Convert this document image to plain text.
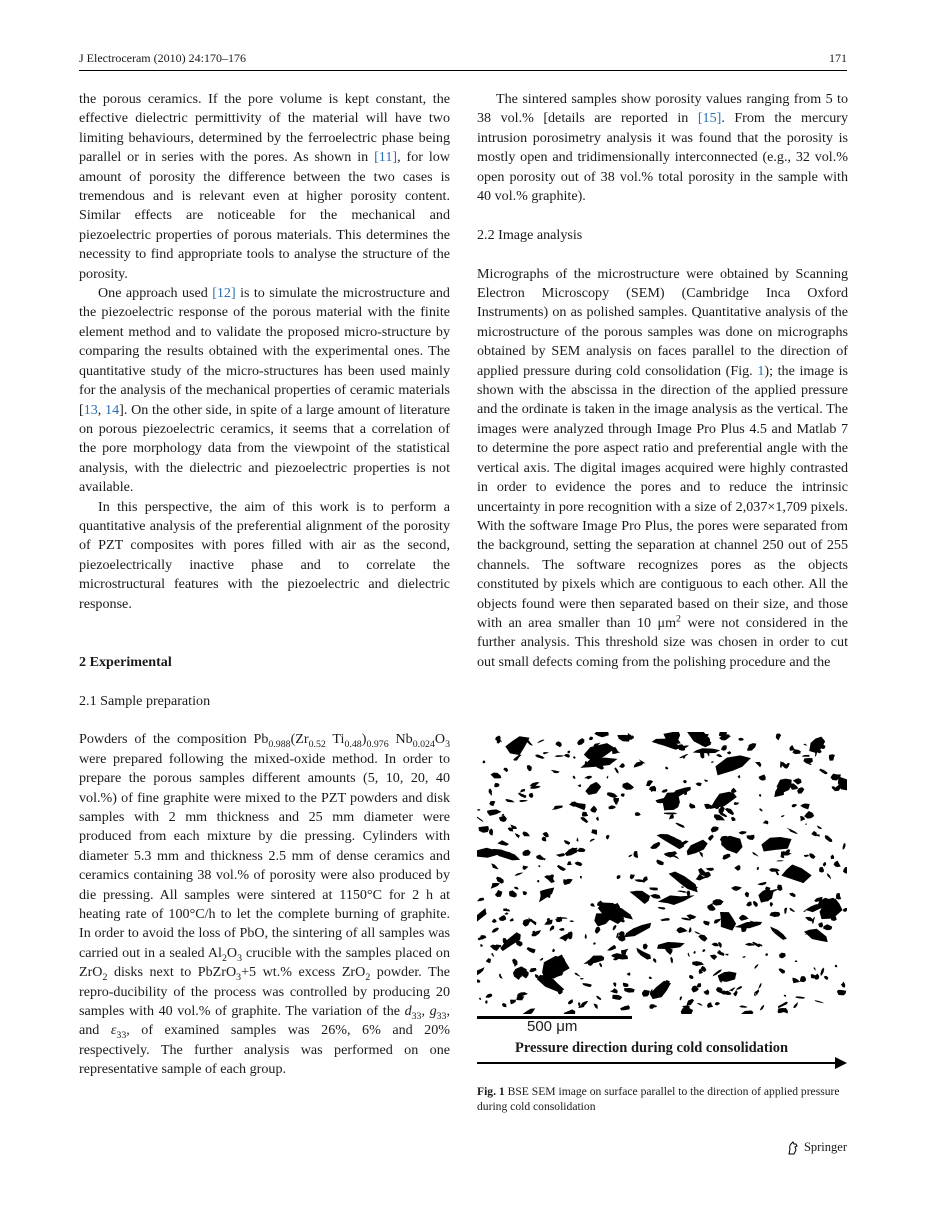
J Electroceram (2010) 24:170–176	171

the porous ceramics. If the pore volume is kept constant, the effective dielectric permittivity of the material will have two limiting behaviours, determined by the ferroelectric phase being parallel or in series with the pores. As shown in [11], for low amount of porosity the difference between the two cases is tremendous and is relevant even at higher porosity content. Similar effects are noticeable for the mechanical and piezoelectric properties of porous materials. This determines the necessity to find appropriate tools to analyse the structure of the porosity.

One approach used [12] is to simulate the microstructure and the piezoelectric response of the porous material with the finite element method and to validate the proposed micro-structure by comparing the results obtained with the experimental ones. The quantitative study of the micro-structures has been used mainly for the analysis of the mechanical properties of ceramic materials [13, 14]. On the other side, in spite of a large amount of literature on porous piezoelectric ceramics, it seems that a correlation of the pore morphology data from the viewpoint of the statistical analysis, with the dielectric and piezoelectric properties is not available.

In this perspective, the aim of this work is to perform a quantitative analysis of the preferential alignment of the porosity of PZT composites with pores filled with air as the second, piezoelectrically inactive phase and to correlate the microstructural features with the piezoelectric and dielectric response.

2 Experimental

2.1 Sample preparation

Powders of the composition $Pb_{0.988}(Zr_{0.52}$ $Ti_{0.48})_{0.976}$ $Nb_{0.024}O_3$ were prepared following the mixed-oxide method. In order to prepare the porous samples different amounts (5, 10, 20, 40 vol.%) of fine graphite were mixed to the PZT powders and disk samples with 2 mm thickness and 25 mm diameter were produced from each mixture by die pressing. Cylinders with diameter 5.3 mm and thickness 2.5 mm of dense ceramics and ceramics containing 38 vol.% of porosity were also produced by die pressing. All samples were sintered at 1150°C for 2 h at heating rate of 100°C/h to let the complete burning of graphite. In order to avoid the loss of PbO, the sintering of all samples was carried out in a sealed $Al_2O_3$ crucible with the samples placed on ZrO$_2$ disks next to PbZrO$_3$+5 wt.% excess ZrO$_2$ powder. The repro-ducibility of the process was controlled by producing 20 samples with 40 vol.% of graphite. The variation of the $d_{33}$, $g_{33}$, and $\varepsilon_{33}$, of examined samples was 26%, 6% and 20% respectively. The further analysis was performed on one representative sample of each group.

The sintered samples show porosity values ranging from 5 to 38 vol.% [details are reported in [15]. From the mercury intrusion porosimetry analysis it was found that the porosity is mostly open and tridimensionally interconnected (e.g., 32 vol.% open porosity out of 38 vol.% total porosity in the sample with 40 vol.% graphite).

2.2 Image analysis

Micrographs of the microstructure were obtained by Scanning Electron Microscopy (SEM) (Cambridge Inca Oxford Instruments) on as polished samples. Quantitative analysis of the microstructure of the porous samples was done on micrographs obtained by SEM analysis on faces parallel to the direction of applied pressure during cold consolidation (Fig. 1); the image is shown with the abscissa in the direction of the applied pressure and the ordinate is taken in the image analysis as the vertical. The images were analyzed through Image Pro Plus 4.5 and Matlab 7 to determine the pore aspect ratio and preferential angle with the vertical axis. The digital images acquired were highly contrasted in order to evidence the pores and to reduce the intrinsic uncertainty in pore recognition with a size of 2,037×1,709 pixels. With the software Image Pro Plus, the pores were separated from the background, setting the separation at channel 250 out of 255 channels. The software recognizes pores as the objects constituted by pixels which are contiguous to each other. All the objects found were then separated based on their size, and those with an area smaller than 10 $\mu m^2$ were not considered in the further analysis. This threshold size was chosen in order to cut out small defects coming from the polishing procedure and the

500 μm
Pressure direction during cold consolidation
Fig. 1 BSE SEM image on surface parallel to the direction of applied pressure during cold consolidation
Springer
